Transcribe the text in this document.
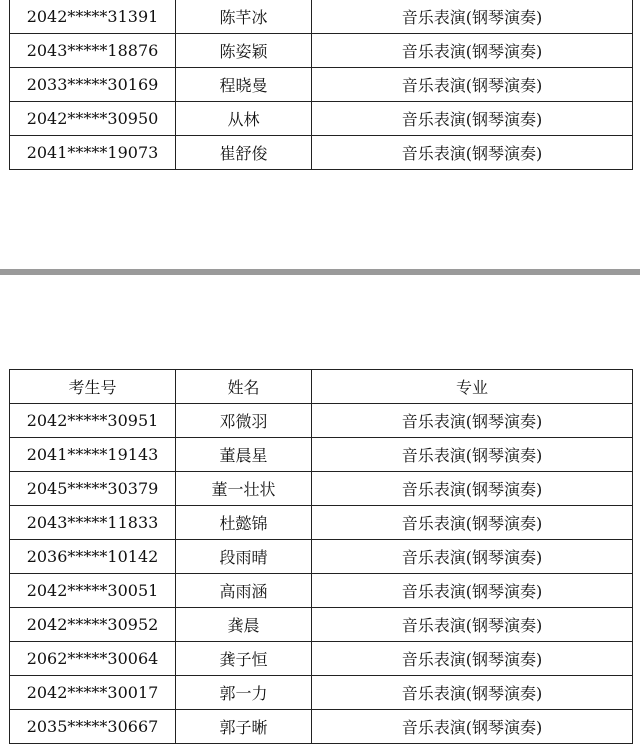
2042*****31391	陈芊冰	音乐表演(钢琴演奏)
2043*****18876	陈姿颖	音乐表演(钢琴演奏)
2033*****30169	程晓曼	音乐表演(钢琴演奏)
2042*****30950	从林	音乐表演(钢琴演奏)
2041*****19073	崔舒俊	音乐表演(钢琴演奏)
考生号	姓名	专业
2042*****30951	邓微羽	音乐表演(钢琴演奏)
2041*****19143	董晨星	音乐表演(钢琴演奏)
2045*****30379	董一壮状	音乐表演(钢琴演奏)
2043*****11833	杜懿锦	音乐表演(钢琴演奏)
2036*****10142	段雨晴	音乐表演(钢琴演奏)
2042*****30051	高雨涵	音乐表演(钢琴演奏)
2042*****30952	龚晨	音乐表演(钢琴演奏)
2062*****30064	龚子恒	音乐表演(钢琴演奏)
2042*****30017	郭一力	音乐表演(钢琴演奏)
2035*****30667	郭子晰	音乐表演(钢琴演奏)
